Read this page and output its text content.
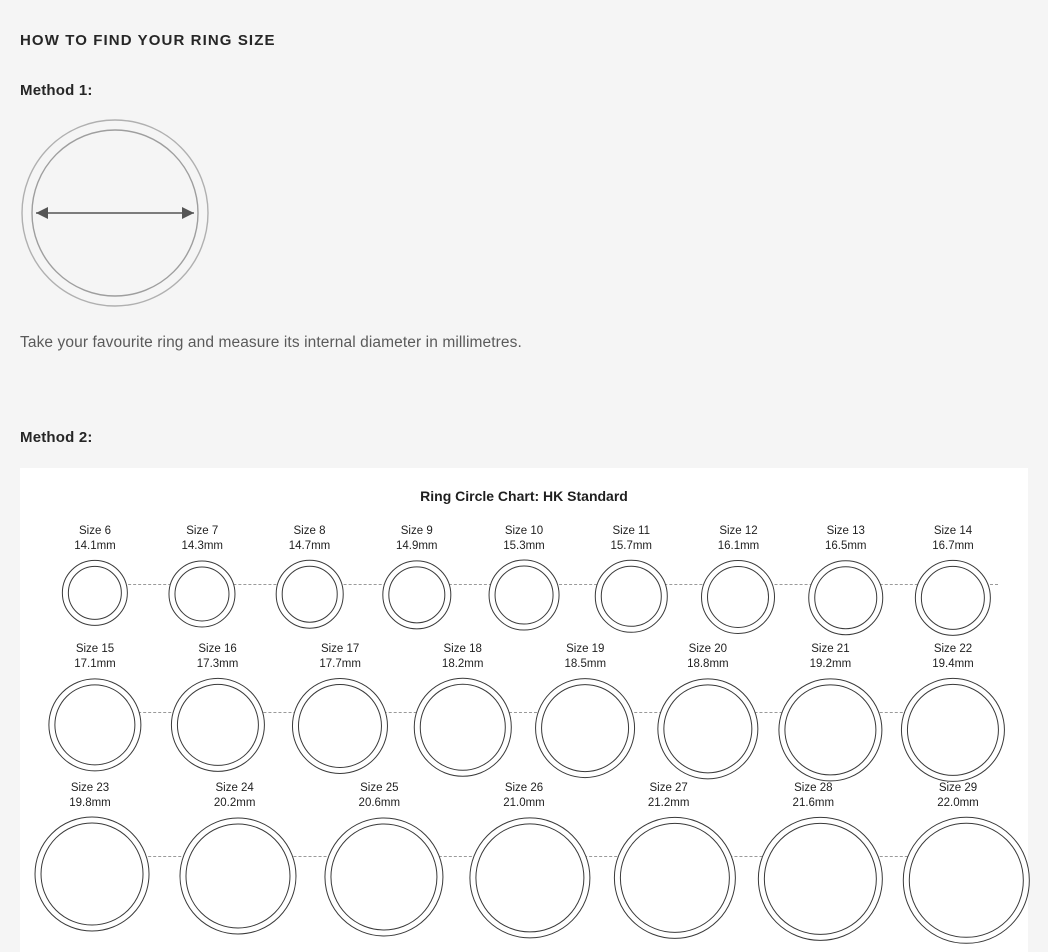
HOW TO FIND YOUR RING SIZE
Method 1:
Take your favourite ring and measure its internal diameter in millimetres.
Method 2:
Ring Circle Chart: HK Standard
Size 6
14.1mm
Size 7
14.3mm
Size 8
14.7mm
Size 9
14.9mm
Size 10
15.3mm
Size 11
15.7mm
Size 12
16.1mm
Size 13
16.5mm
Size 14
16.7mm
Size 15
17.1mm
Size 16
17.3mm
Size 17
17.7mm
Size 18
18.2mm
Size 19
18.5mm
Size 20
18.8mm
Size 21
19.2mm
Size 22
19.4mm
Size 23
19.8mm
Size 24
20.2mm
Size 25
20.6mm
Size 26
21.0mm
Size 27
21.2mm
Size 28
21.6mm
Size 29
22.0mm
